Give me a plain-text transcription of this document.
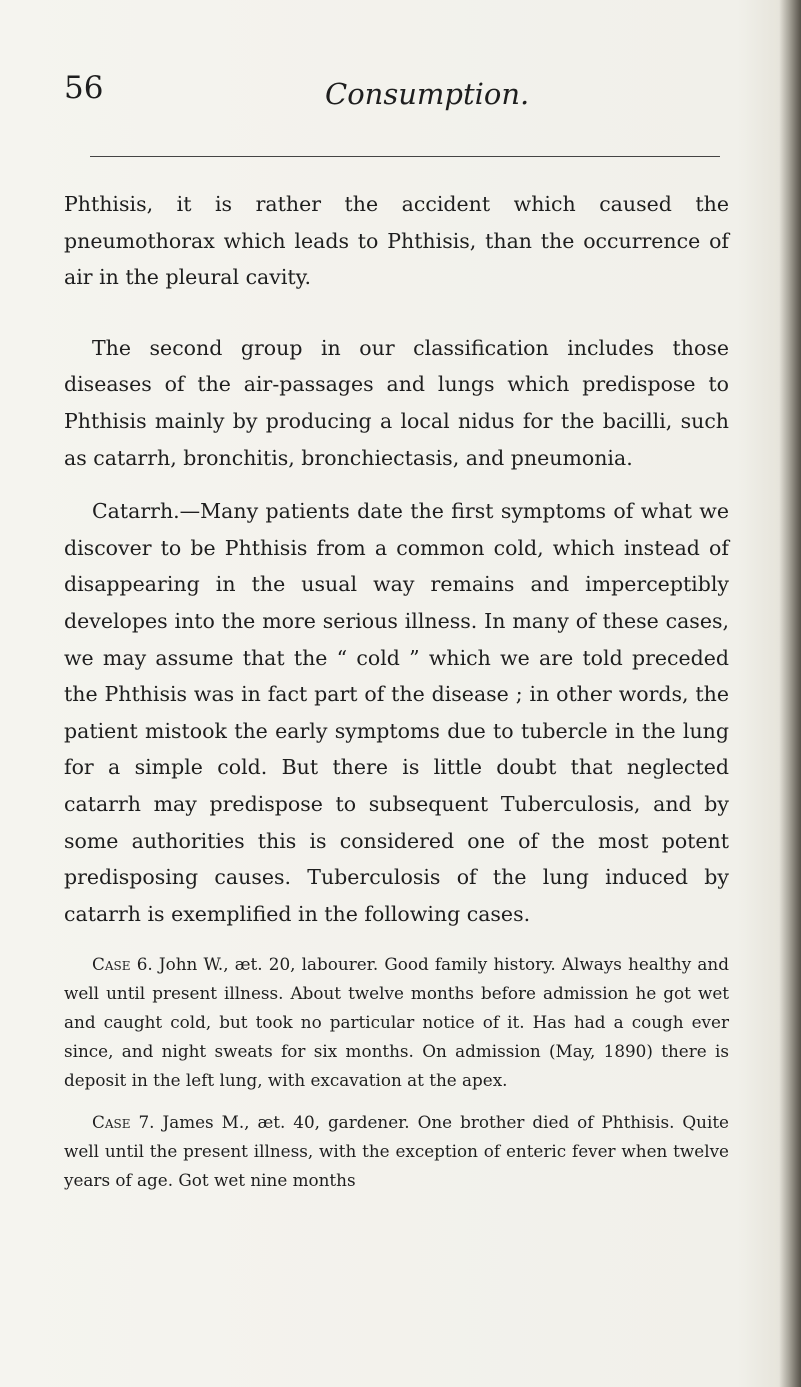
56	Consumption.

Phthisis, it is rather the accident which caused the pneumothorax which leads to Phthisis, than the occurrence of air in the pleural cavity.

The second group in our classification includes those diseases of the air-passages and lungs which predispose to Phthisis mainly by producing a local nidus for the bacilli, such as catarrh, bronchitis, bronchiectasis, and pneumonia.

Catarrh.—Many patients date the first symptoms of what we discover to be Phthisis from a common cold, which instead of disappearing in the usual way remains and imperceptibly developes into the more serious illness. In many of these cases, we may assume that the “ cold ” which we are told preceded the Phthisis was in fact part of the disease ; in other words, the patient mistook the early symptoms due to tubercle in the lung for a simple cold. But there is little doubt that neglected catarrh may predispose to subsequent Tuberculosis, and by some authorities this is considered one of the most potent predisposing causes. Tuberculosis of the lung induced by catarrh is exemplified in the following cases.

Case 6. John W., æt. 20, labourer. Good family history. Always healthy and well until present illness. About twelve months before admission he got wet and caught cold, but took no particular notice of it. Has had a cough ever since, and night sweats for six months. On admission (May, 1890) there is deposit in the left lung, with excavation at the apex.

Case 7. James M., æt. 40, gardener. One brother died of Phthisis. Quite well until the present illness, with the exception of enteric fever when twelve years of age. Got wet nine months
